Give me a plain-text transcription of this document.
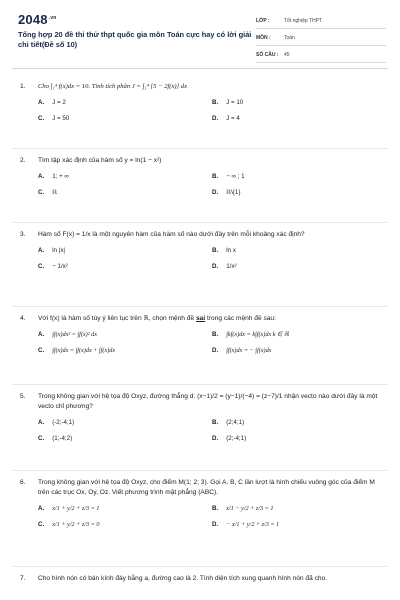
$2048^{.vn}$
Tổng hợp 20 đề thi thử thpt quốc gia môn Toán cực hay có lời giải chi tiết(Đề số 10)
LỚP :	Tốt nghiệp THPT
MÔN :	Toán
SỐ CÂU : 45
1. Cho ∫₁⁴ f(x)dx = 10. Tính tích phân J = ∫₁⁴ [5 − 2f(x)] dx
A. J = 2	B. J = 10
C. J = 50	D. J = 4
2. Tìm tập xác định của hàm số y = ln(1 − x²)
A. 1; + ∞	B. − ∞ ; 1
C. ℝ	D. ℝ\{1}
3. Hàm số F(x) = 1/x là một nguyên hàm của hàm số nào dưới đây trên mỗi khoảng xác định?
A. ln |x|	B. ln x
C. − 1/x²	D. 1/x²
4. Với f(x) là hàm số tùy ý liên tục trên ℝ, chọn mệnh đề sai trong các mệnh đề sau:
A. ∫f(x)dx² = ∫f(x)² dx	B. ∫kf(x)dx = k∫f(x)dx k ∈ ℝ
C. ∫f(x)dx = ∫f(x)dx + ∫f(x)dx	D. ∫f(x)dx = − ∫f(x)dx
5. Trong không gian với hệ tọa độ Oxyz, đường thẳng d: (x−1)/2 = (y−1)/(−4) = (z−7)/1 nhận vecto nào dưới đây là một vecto chỉ phương?
A. (-2;-4;1)	B. (2;4;1)
C. (1;-4;2)	D. (2;-4;1)
6. Trong không gian với hệ tọa độ Oxyz, cho điểm M(1; 2; 3). Gọi A, B, C lần lượt là hình chiếu vuông góc của điểm M trên các trục Ox, Oy, Oz. Viết phương trình mặt phẳng (ABC).
A. x/1 + y/2 + z/3 = 1	B. x/1 − y/2 + z/3 = 1
C. x/1 + y/2 + z/3 = 0	D. − x/1 + y/2 + z/3 = 1
7. Cho hình nón có bán kính đáy bằng a, đường cao là 2. Tính diện tích xung quanh hình nón đã cho.
